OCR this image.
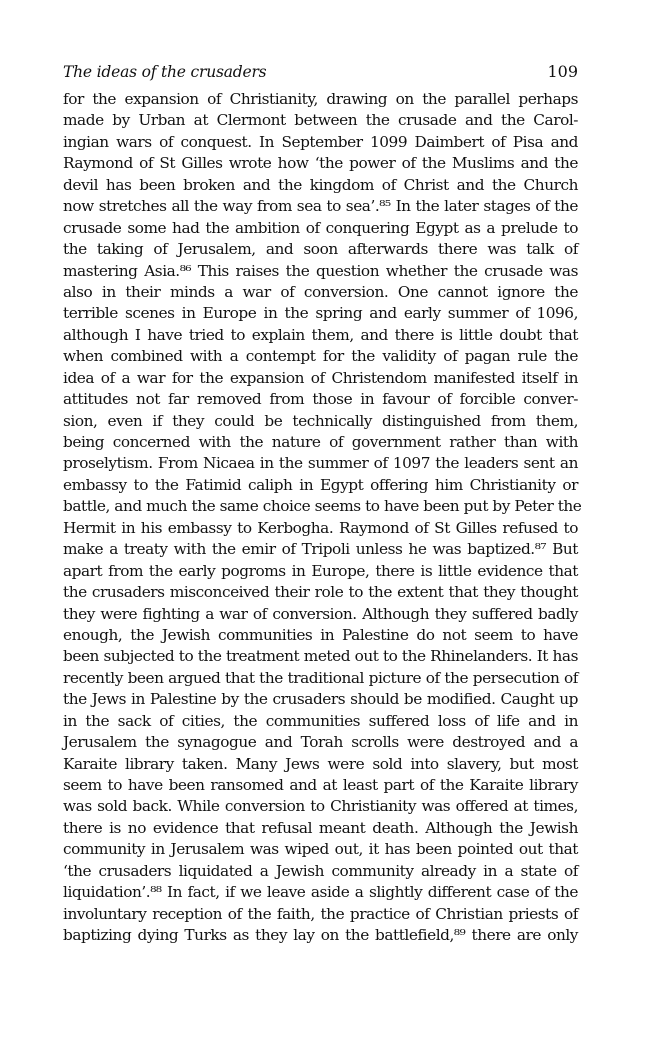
The ideas of the crusaders	109
for the expansion of Christianity, drawing on the parallel perhaps
made by Urban at Clermont between the crusade and the Carol-
ingian wars of conquest. In September 1099 Daimbert of Pisa and
Raymond of St Gilles wrote how ‘the power of the Muslims and the
devil has been broken and the kingdom of Christ and the Church
now stretches all the way from sea to sea’.⁸⁵ In the later stages of the
crusade some had the ambition of conquering Egypt as a prelude to
the taking of Jerusalem, and soon afterwards there was talk of
mastering Asia.⁸⁶ This raises the question whether the crusade was
also in their minds a war of conversion. One cannot ignore the
terrible scenes in Europe in the spring and early summer of 1096,
although I have tried to explain them, and there is little doubt that
when combined with a contempt for the validity of pagan rule the
idea of a war for the expansion of Christendom manifested itself in
attitudes not far removed from those in favour of forcible conver-
sion, even if they could be technically distinguished from them,
being concerned with the nature of government rather than with
proselytism. From Nicaea in the summer of 1097 the leaders sent an
embassy to the Fatimid caliph in Egypt offering him Christianity or
battle, and much the same choice seems to have been put by Peter the
Hermit in his embassy to Kerbogha. Raymond of St Gilles refused to
make a treaty with the emir of Tripoli unless he was baptized.⁸⁷ But
apart from the early pogroms in Europe, there is little evidence that
the crusaders misconceived their role to the extent that they thought
they were fighting a war of conversion. Although they suffered badly
enough, the Jewish communities in Palestine do not seem to have
been subjected to the treatment meted out to the Rhinelanders. It has
recently been argued that the traditional picture of the persecution of
the Jews in Palestine by the crusaders should be modified. Caught up
in the sack of cities, the communities suffered loss of life and in
Jerusalem the synagogue and Torah scrolls were destroyed and a
Karaite library taken. Many Jews were sold into slavery, but most
seem to have been ransomed and at least part of the Karaite library
was sold back. While conversion to Christianity was offered at times,
there is no evidence that refusal meant death. Although the Jewish
community in Jerusalem was wiped out, it has been pointed out that
‘the crusaders liquidated a Jewish community already in a state of
liquidation’.⁸⁸ In fact, if we leave aside a slightly different case of the
involuntary reception of the faith, the practice of Christian priests of
baptizing dying Turks as they lay on the battlefield,⁸⁹ there are only
